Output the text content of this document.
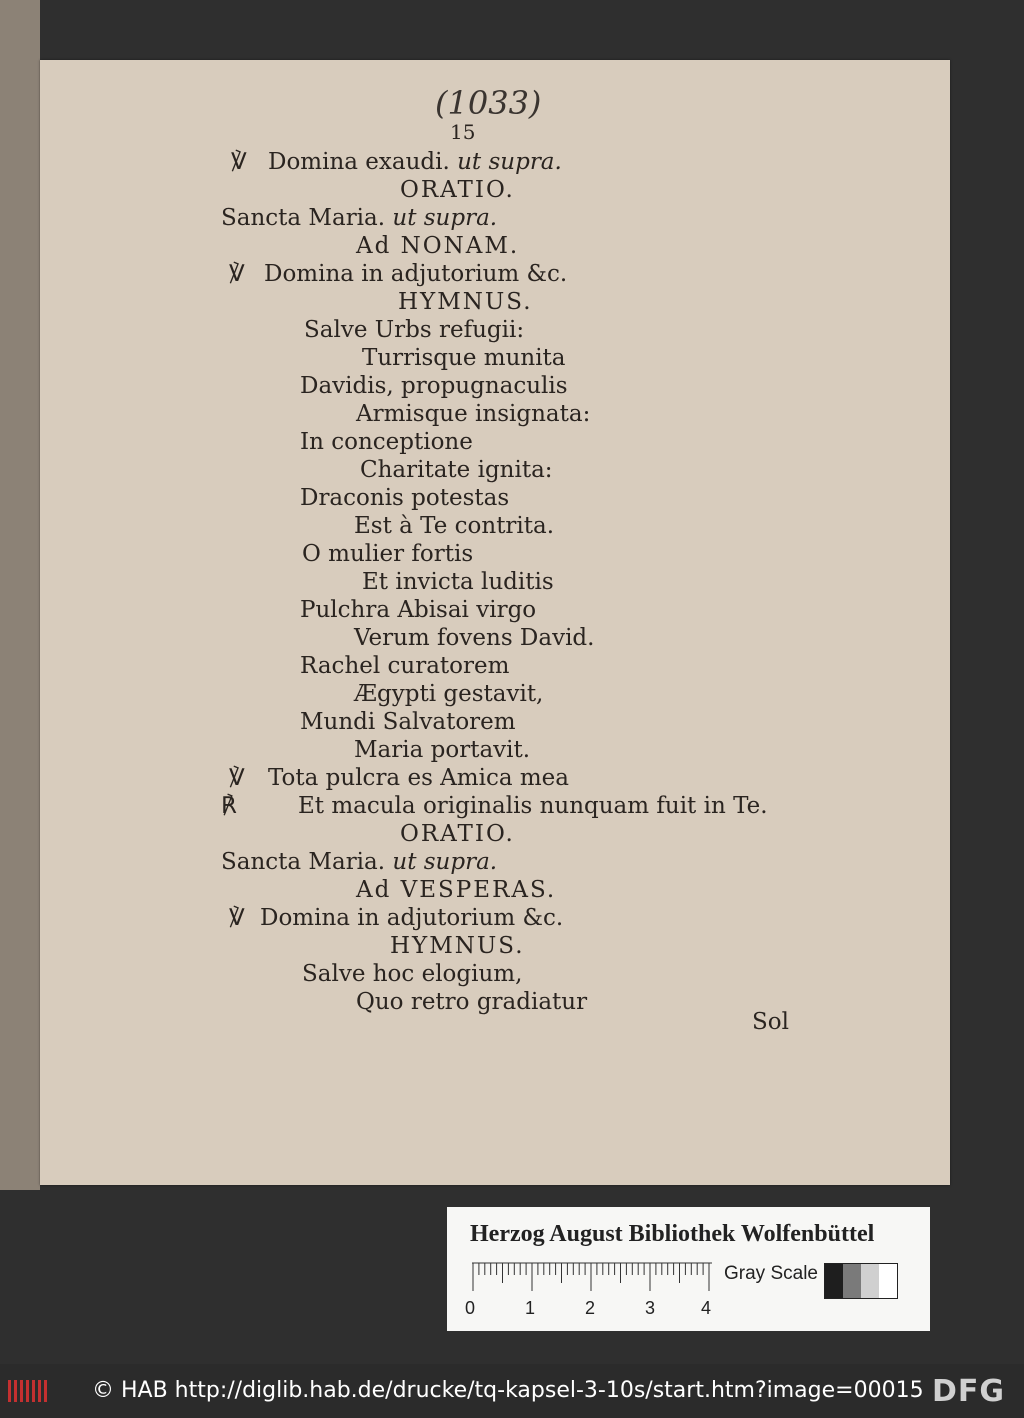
(1033)
15
℣ Domina exaudi. ut supra.
ORATIO.
Sancta Maria. ut supra.
Ad NONAM.
℣ Domina in adjutorium &c.
HYMNUS.
Salve Urbs refugii:
Turrisque munita
Davidis, propugnaculis
Armisque insignata:
In conceptione
Charitate ignita:
Draconis potestas
Est à Te contrita.
O mulier fortis
Et invicta luditis
Pulchra Abisai virgo
Verum fovens David.
Rachel curatorem
Ægypti gestavit,
Mundi Salvatorem
Maria portavit.
℣ Tota pulcra es Amica mea
℟	Et macula originalis nunquam fuit in Te.
ORATIO.
Sancta Maria. ut supra.
Ad VESPERAS.
℣ Domina in adjutorium &c.
HYMNUS.
Salve hoc elogium,
Quo retro gradiatur
Sol
Herzog August Bibliothek Wolfenbüttel
Gray Scale
0	1	2	3	4
© HAB http://diglib.hab.de/drucke/tq-kapsel-3-10s/start.htm?image=00015 DFG
